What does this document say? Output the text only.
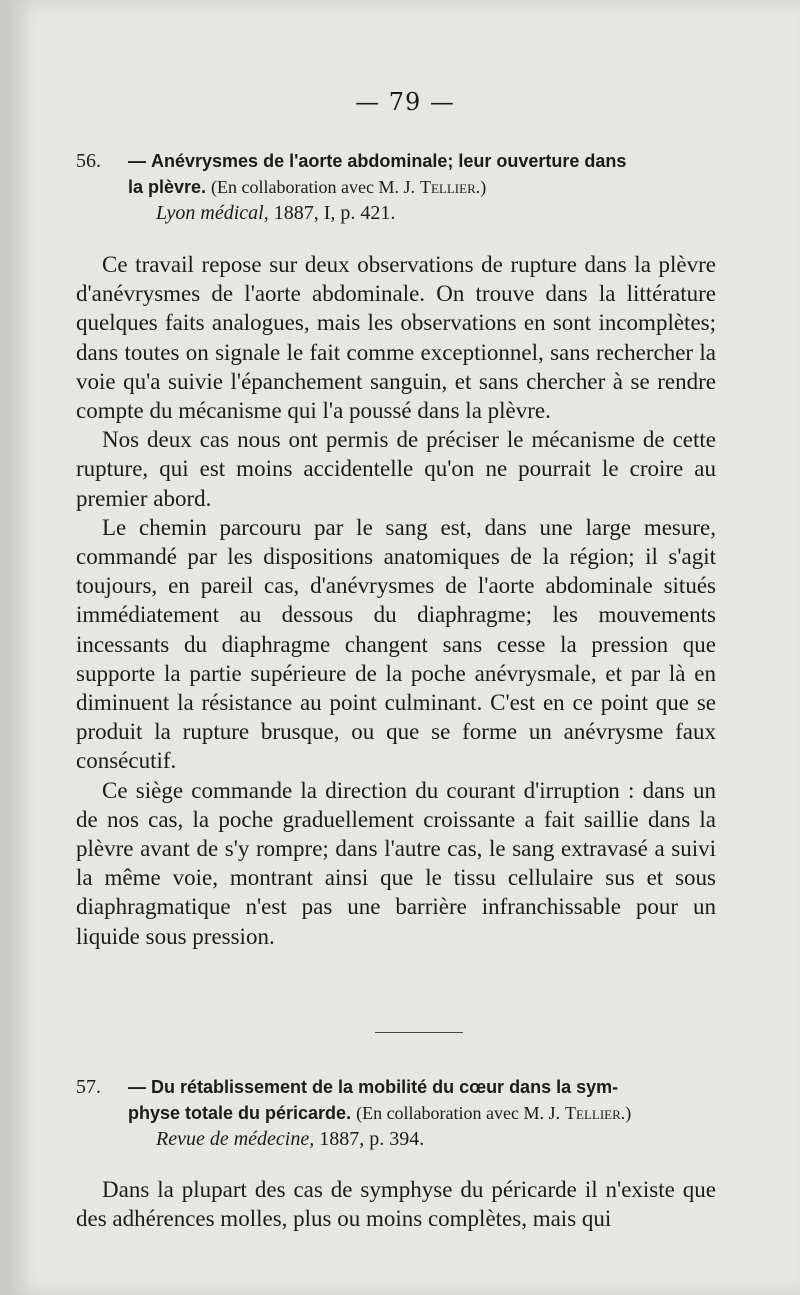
— 79 —
56. — Anévrysmes de l'aorte abdominale; leur ouverture dans
la plèvre. (En collaboration avec M. J. Tellier.)
Lyon médical, 1887, I, p. 421.

Ce travail repose sur deux observations de rupture dans la plèvre d'anévrysmes de l'aorte abdominale. On trouve dans la littérature quelques faits analogues, mais les observations en sont incomplètes; dans toutes on signale le fait comme exceptionnel, sans rechercher la voie qu'a suivie l'épanchement sanguin, et sans chercher à se rendre compte du mécanisme qui l'a poussé dans la plèvre.

Nos deux cas nous ont permis de préciser le mécanisme de cette rupture, qui est moins accidentelle qu'on ne pourrait le croire au premier abord.

Le chemin parcouru par le sang est, dans une large mesure, commandé par les dispositions anatomiques de la région; il s'agit toujours, en pareil cas, d'anévrysmes de l'aorte abdominale situés immédiatement au dessous du diaphragme; les mouvements incessants du diaphragme changent sans cesse la pression que supporte la partie supérieure de la poche anévrysmale, et par là en diminuent la résistance au point culminant. C'est en ce point que se produit la rupture brusque, ou que se forme un anévrysme faux consécutif.

Ce siège commande la direction du courant d'irruption : dans un de nos cas, la poche graduellement croissante a fait saillie dans la plèvre avant de s'y rompre; dans l'autre cas, le sang extravasé a suivi la même voie, montrant ainsi que le tissu cellulaire sus et sous diaphragmatique n'est pas une barrière infranchissable pour un liquide sous pression.

57. — Du rétablissement de la mobilité du cœur dans la sym-
physe totale du péricarde. (En collaboration avec M. J. Tellier.)
Revue de médecine, 1887, p. 394.

Dans la plupart des cas de symphyse du péricarde il n'existe que des adhérences molles, plus ou moins complètes, mais qui
